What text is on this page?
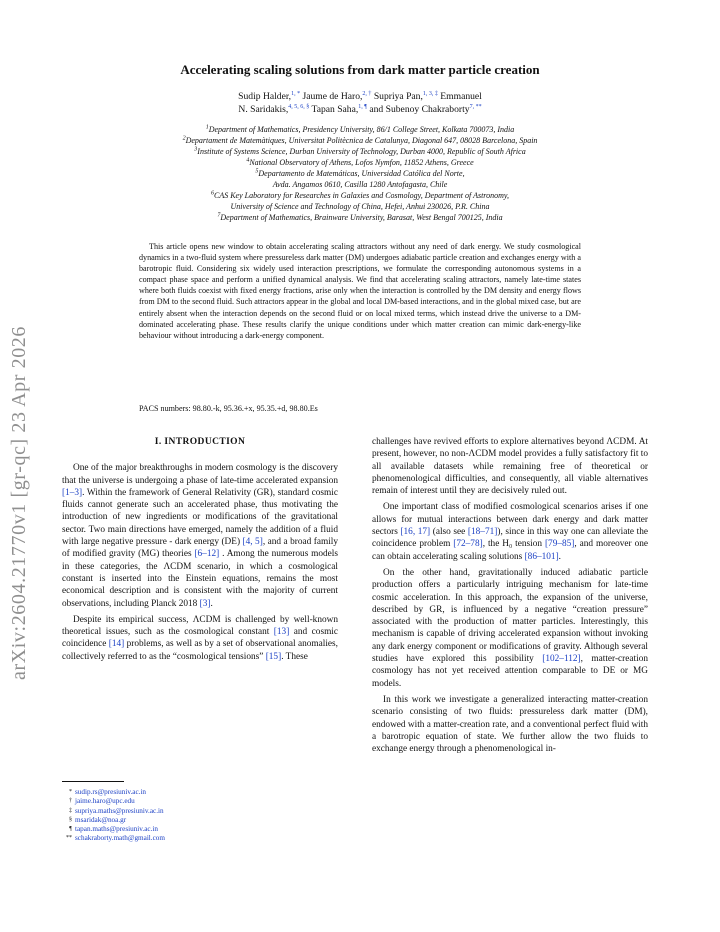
arXiv:2604.21770v1 [gr-qc] 23 Apr 2026
Accelerating scaling solutions from dark matter particle creation
Sudip Halder,$^{1, *}$ Jaume de Haro,$^{2, \dagger}$ Supriya Pan,$^{1, 3, \ddagger}$ Emmanuel
N. Saridakis,$^{4, 5, 6, \S}$ Tapan Saha,$^{1, \P}$ and Subenoy Chakraborty$^{7, **}$
$^1$Department of Mathematics, Presidency University, 86/1 College Street, Kolkata 700073, India
$^2$Departament de Matemàtiques, Universitat Politècnica de Catalunya, Diagonal 647, 08028 Barcelona, Spain
$^3$Institute of Systems Science, Durban University of Technology, Durban 4000, Republic of South Africa
$^4$National Observatory of Athens, Lofos Nymfon, 11852 Athens, Greece
$^5$Departamento de Matemáticas, Universidad Católica del Norte,
Avda. Angamos 0610, Casilla 1280 Antofagasta, Chile
$^6$CAS Key Laboratory for Researches in Galaxies and Cosmology, Department of Astronomy,
University of Science and Technology of China, Hefei, Anhui 230026, P.R. China
$^7$Department of Mathematics, Brainware University, Barasat, West Bengal 700125, India
This article opens new window to obtain accelerating scaling attractors without any need of dark energy. We study cosmological dynamics in a two-fluid system where pressureless dark matter (DM) undergoes adiabatic particle creation and exchanges energy with a barotropic fluid. Considering six widely used interaction prescriptions, we formulate the corresponding autonomous systems in a compact phase space and perform a unified dynamical analysis. We find that accelerating scaling attractors, namely late-time states where both fluids coexist with fixed energy fractions, arise only when the interaction is controlled by the DM density and energy flows from DM to the second fluid. Such attractors appear in the global and local DM-based interactions, and in the global mixed case, but are entirely absent when the interaction depends on the second fluid or on local mixed terms, which instead drive the universe to a DM-dominated accelerating phase. These results clarify the unique conditions under which matter creation can mimic dark-energy-like behaviour without introducing a dark-energy component.
PACS numbers: 98.80.-k, 95.36.+x, 95.35.+d, 98.80.Es
I. INTRODUCTION

One of the major breakthroughs in modern cosmology is the discovery that the universe is undergoing a phase of late-time accelerated expansion [1–3]. Within the framework of General Relativity (GR), standard cosmic fluids cannot generate such an accelerated phase, thus motivating the introduction of new ingredients or modifications of the gravitational sector. Two main directions have emerged, namely the addition of a fluid with large negative pressure - dark energy (DE) [4, 5], and a broad family of modified gravity (MG) theories [6–12] . Among the numerous models in these categories, the ΛCDM scenario, in which a cosmological constant is inserted into the Einstein equations, remains the most economical description and is consistent with the majority of current observations, including Planck 2018 [3].

Despite its empirical success, ΛCDM is challenged by well-known theoretical issues, such as the cosmological constant [13] and cosmic coincidence [14] problems, as well as by a set of observational anomalies, collectively referred to as the “cosmological tensions” [15]. These

challenges have revived efforts to explore alternatives beyond ΛCDM. At present, however, no non-ΛCDM model provides a fully satisfactory fit to all available datasets while remaining free of theoretical or phenomenological difficulties, and consequently, all viable alternatives remain of interest until they are decisively ruled out.

One important class of modified cosmological scenarios arises if one allows for mutual interactions between dark energy and dark matter sectors [16, 17] (also see [18–71]), since in this way one can alleviate the coincidence problem [72–78], the H₀ tension [79–85], and moreover one can obtain accelerating scaling solutions [86–101].

On the other hand, gravitationally induced adiabatic particle production offers a particularly intriguing mechanism for late-time cosmic acceleration. In this approach, the expansion of the universe, described by GR, is influenced by a negative “creation pressure” associated with the production of matter particles. Interestingly, this mechanism is capable of driving accelerated expansion without invoking any dark energy component or modifications of gravity. Although several studies have explored this possibility [102–112], matter-creation cosmology has not yet received attention comparable to DE or MG models.

In this work we investigate a generalized interacting matter-creation scenario consisting of two fluids: pressureless dark matter (DM), endowed with a matter-creation rate, and a conventional perfect fluid with a barotropic equation of state. We further allow the two fluids to exchange energy through a phenomenological in-

* sudip.rs@presiuniv.ac.in
† jaime.haro@upc.edu
‡ supriya.maths@presiuniv.ac.in
§ msaridak@noa.gr
¶ tapan.maths@presiuniv.ac.in
** schakraborty.math@gmail.com
